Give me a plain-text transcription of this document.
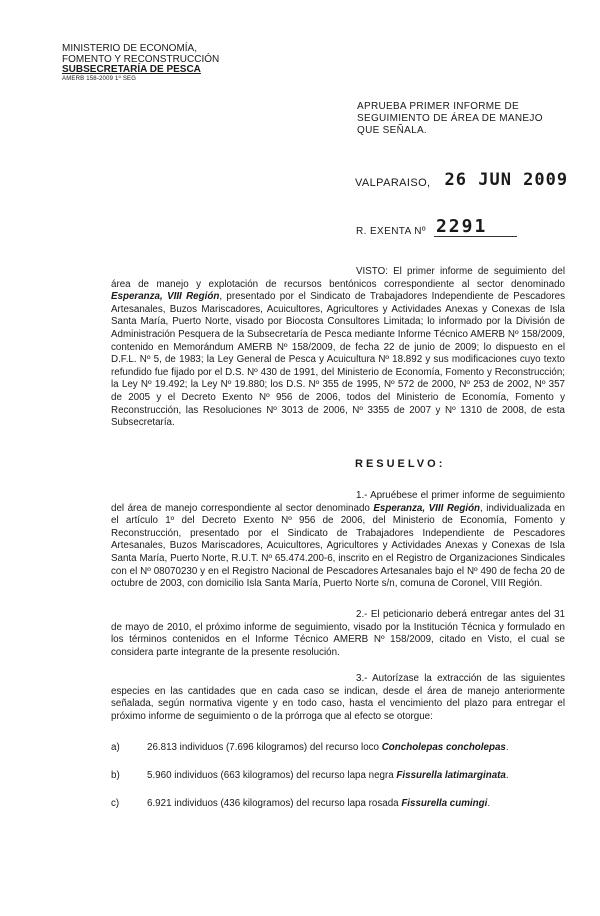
MINISTERIO DE ECONOMÍA,
FOMENTO Y RECONSTRUCCIÓN
SUBSECRETARÍA DE PESCA
AMERB 158-2009 1º SEG
APRUEBA PRIMER INFORME DE
SEGUIMIENTO DE ÁREA DE MANEJO
QUE SEÑALA.
VALPARAISO, 26 JUN 2009
R. EXENTA Nº 2291
VISTO: El primer informe de seguimiento del área de manejo y explotación de recursos bentónicos correspondiente al sector denominado Esperanza, VIII Región, presentado por el Sindicato de Trabajadores Independiente de Pescadores Artesanales, Buzos Mariscadores, Acuicultores, Agricultores y Actividades Anexas y Conexas de Isla Santa María, Puerto Norte, visado por Biocosta Consultores Limitada; lo informado por la División de Administración Pesquera de la Subsecretaría de Pesca mediante Informe Técnico AMERB Nº 158/2009, contenido en Memorándum AMERB Nº 158/2009, de fecha 22 de junio de 2009; lo dispuesto en el D.F.L. Nº 5, de 1983; la Ley General de Pesca y Acuicultura Nº 18.892 y sus modificaciones cuyo texto refundido fue fijado por el D.S. Nº 430 de 1991, del Ministerio de Economía, Fomento y Reconstrucción; la Ley Nº 19.492; la Ley Nº 19.880; los D.S. Nº 355 de 1995, Nº 572 de 2000, Nº 253 de 2002, Nº 357 de 2005 y el Decreto Exento Nº 956 de 2006, todos del Ministerio de Economía, Fomento y Reconstrucción, las Resoluciones Nº 3013 de 2006, Nº 3355 de 2007 y Nº 1310 de 2008, de esta Subsecretaría.
RESUELVO:
1.- Apruébese el primer informe de seguimiento del área de manejo correspondiente al sector denominado Esperanza, VIII Región, individualizada en el artículo 1º del Decreto Exento Nº 956 de 2006, del Ministerio de Economía, Fomento y Reconstrucción, presentado por el Sindicato de Trabajadores Independiente de Pescadores Artesanales, Buzos Mariscadores, Acuicultores, Agricultores y Actividades Anexas y Conexas de Isla Santa María, Puerto Norte, R.U.T. Nº 65.474.200-6, inscrito en el Registro de Organizaciones Sindicales con el Nº 08070230 y en el Registro Nacional de Pescadores Artesanales bajo el Nº 490 de fecha 20 de octubre de 2003, con domicilio Isla Santa María, Puerto Norte s/n, comuna de Coronel, VIII Región.
2.- El peticionario deberá entregar antes del 31 de mayo de 2010, el próximo informe de seguimiento, visado por la Institución Técnica y formulado en los términos contenidos en el Informe Técnico AMERB Nº 158/2009, citado en Visto, el cual se considera parte integrante de la presente resolución.
3.- Autorízase la extracción de las siguientes especies en las cantidades que en cada caso se indican, desde el área de manejo anteriormente señalada, según normativa vigente y en todo caso, hasta el vencimiento del plazo para entregar el próximo informe de seguimiento o de la prórroga que al efecto se otorgue:
a)	26.813 individuos (7.696 kilogramos) del recurso loco Concholepas concholepas.
b)	5.960 individuos (663 kilogramos) del recurso lapa negra Fissurella latimarginata.
c)	6.921 individuos (436 kilogramos) del recurso lapa rosada Fissurella cumingi.
